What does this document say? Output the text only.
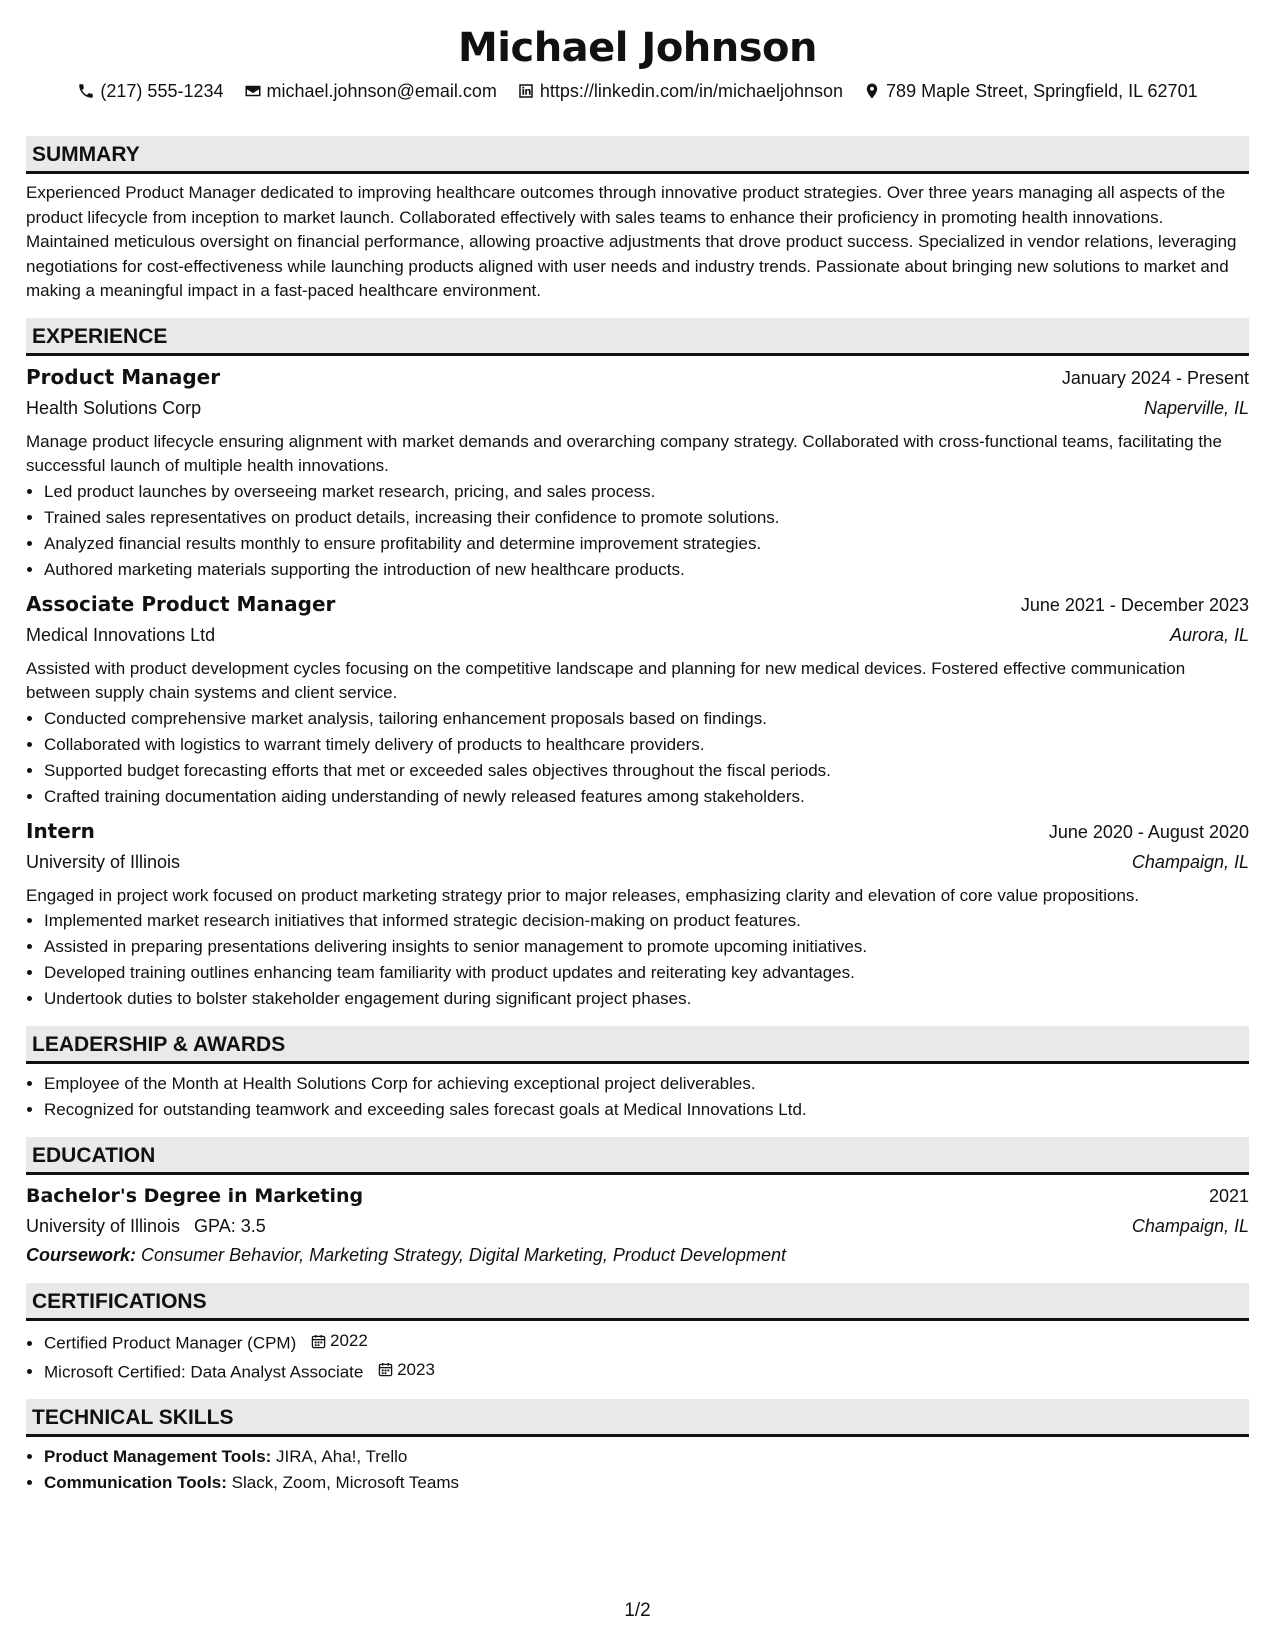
Michael Johnson
(217) 555-1234 michael.johnson@email.com https://linkedin.com/in/michaeljohnson 789 Maple Street, Springfield, IL 62701
SUMMARY

Experienced Product Manager dedicated to improving healthcare outcomes through innovative product strategies. Over three years managing all aspects of the product lifecycle from inception to market launch. Collaborated effectively with sales teams to enhance their proficiency in promoting health innovations. Maintained meticulous oversight on financial performance, allowing proactive adjustments that drove product success. Specialized in vendor relations, leveraging negotiations for cost-effectiveness while launching products aligned with user needs and industry trends. Passionate about bringing new solutions to market and making a meaningful impact in a fast-paced healthcare environment.

EXPERIENCE
Product Manager	January 2024 - Present
Health Solutions Corp	Naperville, IL

Manage product lifecycle ensuring alignment with market demands and overarching company strategy. Collaborated with cross-functional teams, facilitating the successful launch of multiple health innovations.

• Led product launches by overseeing market research, pricing, and sales process.
• Trained sales representatives on product details, increasing their confidence to promote solutions.
• Analyzed financial results monthly to ensure profitability and determine improvement strategies.
• Authored marketing materials supporting the introduction of new healthcare products.
Associate Product Manager	June 2021 - December 2023
Medical Innovations Ltd	Aurora, IL

Assisted with product development cycles focusing on the competitive landscape and planning for new medical devices. Fostered effective communication between supply chain systems and client service.

• Conducted comprehensive market analysis, tailoring enhancement proposals based on findings.
• Collaborated with logistics to warrant timely delivery of products to healthcare providers.
• Supported budget forecasting efforts that met or exceeded sales objectives throughout the fiscal periods.
• Crafted training documentation aiding understanding of newly released features among stakeholders.
Intern	June 2020 - August 2020
University of Illinois	Champaign, IL

Engaged in project work focused on product marketing strategy prior to major releases, emphasizing clarity and elevation of core value propositions.

• Implemented market research initiatives that informed strategic decision-making on product features.
• Assisted in preparing presentations delivering insights to senior management to promote upcoming initiatives.
• Developed training outlines enhancing team familiarity with product updates and reiterating key advantages.
• Undertook duties to bolster stakeholder engagement during significant project phases.
LEADERSHIP & AWARDS
• Employee of the Month at Health Solutions Corp for achieving exceptional project deliverables.
• Recognized for outstanding teamwork and exceeding sales forecast goals at Medical Innovations Ltd.
EDUCATION
Bachelor's Degree in Marketing	2021
University of Illinois GPA: 3.5	Champaign, IL
Coursework: Consumer Behavior, Marketing Strategy, Digital Marketing, Product Development
CERTIFICATIONS
• Certified Product Manager (CPM) 2022
• Microsoft Certified: Data Analyst Associate 2023
TECHNICAL SKILLS
• Product Management Tools: JIRA, Aha!, Trello
• Communication Tools: Slack, Zoom, Microsoft Teams
1/2
